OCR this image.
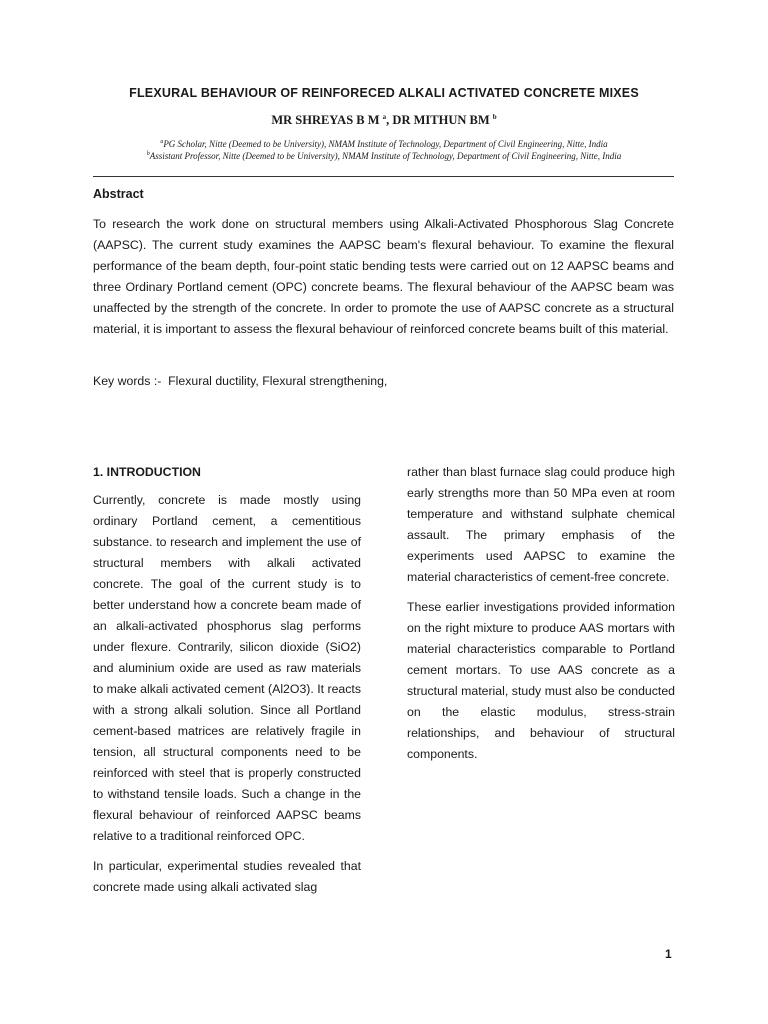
FLEXURAL BEHAVIOUR OF REINFORECED ALKALI ACTIVATED CONCRETE MIXES
MR SHREYAS B M $^a$, DR MITHUN BM $^b$
$^a$PG Scholar, Nitte (Deemed to be University), NMAM Institute of Technology, Department of Civil Engineering, Nitte, India
$^b$Assistant Professor, Nitte (Deemed to be University), NMAM Institute of Technology, Department of Civil Engineering, Nitte, India
Abstract

To research the work done on structural members using Alkali-Activated Phosphorous Slag Concrete (AAPSC). The current study examines the AAPSC beam's flexural behaviour. To examine the flexural performance of the beam depth, four-point static bending tests were carried out on 12 AAPSC beams and three Ordinary Portland cement (OPC) concrete beams. The flexural behaviour of the AAPSC beam was unaffected by the strength of the concrete. In order to promote the use of AAPSC concrete as a structural material, it is important to assess the flexural behaviour of reinforced concrete beams built of this material.

Key words :-  Flexural ductility, Flexural strengthening,
1. INTRODUCTION

Currently, concrete is made mostly using ordinary Portland cement, a cementitious substance. to research and implement the use of structural members with alkali activated concrete. The goal of the current study is to better understand how a concrete beam made of an alkali-activated phosphorus slag performs under flexure. Contrarily, silicon dioxide (SiO2) and aluminium oxide are used as raw materials to make alkali activated cement (Al2O3). It reacts with a strong alkali solution. Since all Portland cement-based matrices are relatively fragile in tension, all structural components need to be reinforced with steel that is properly constructed to withstand tensile loads. Such a change in the flexural behaviour of reinforced AAPSC beams relative to a traditional reinforced OPC.

In particular, experimental studies revealed that concrete made using alkali activated slag

rather than blast furnace slag could produce high early strengths more than 50 MPa even at room temperature and withstand sulphate chemical assault. The primary emphasis of the experiments used AAPSC to examine the material characteristics of cement-free concrete.

These earlier investigations provided information on the right mixture to produce AAS mortars with material characteristics comparable to Portland cement mortars. To use AAS concrete as a structural material, study must also be conducted on the elastic modulus, stress-strain relationships, and behaviour of structural components.

1
